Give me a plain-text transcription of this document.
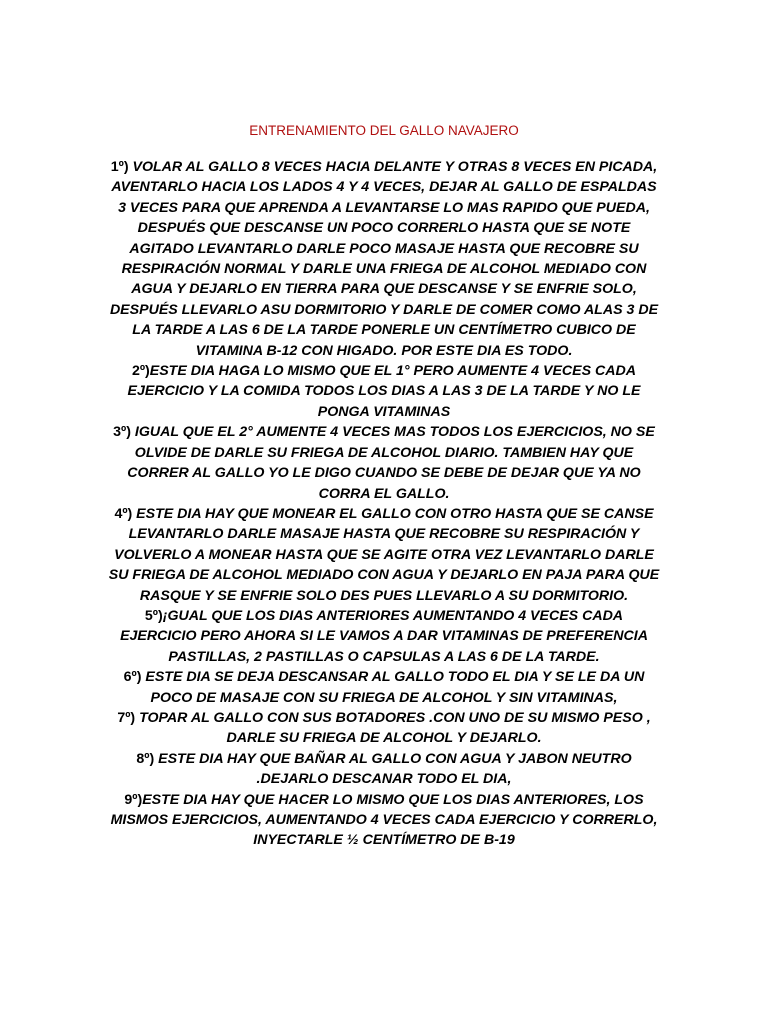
ENTRENAMIENTO DEL GALLO NAVAJERO

1º) VOLAR AL GALLO 8 VECES HACIA DELANTE Y OTRAS 8 VECES EN PICADA, AVENTARLO HACIA LOS LADOS 4 Y 4 VECES, DEJAR AL GALLO DE ESPALDAS 3 VECES PARA QUE APRENDA A LEVANTARSE LO MAS RAPIDO QUE PUEDA, DESPUÉS QUE DESCANSE UN POCO CORRERLO HASTA QUE SE NOTE AGITADO LEVANTARLO DARLE POCO MASAJE HASTA QUE RECOBRE SU RESPIRACIÓN NORMAL Y DARLE UNA FRIEGA DE ALCOHOL MEDIADO CON AGUA Y DEJARLO EN TIERRA PARA QUE DESCANSE Y SE ENFRIE SOLO, DESPUÉS LLEVARLO ASU DORMITORIO Y DARLE DE COMER COMO ALAS 3 DE LA TARDE A LAS 6 DE LA TARDE PONERLE UN CENTÍMETRO CUBICO DE VITAMINA B-12 CON HIGADO. POR ESTE DIA ES TODO.

2º)ESTE DIA HAGA LO MISMO QUE EL 1° PERO AUMENTE 4 VECES CADA EJERCICIO Y LA COMIDA TODOS LOS DIAS A LAS 3 DE LA TARDE Y NO LE PONGA VITAMINAS

3º) IGUAL QUE EL 2° AUMENTE 4 VECES MAS TODOS LOS EJERCICIOS, NO SE OLVIDE DE DARLE SU FRIEGA DE ALCOHOL DIARIO. TAMBIEN HAY QUE CORRER AL GALLO YO LE DIGO CUANDO SE DEBE DE DEJAR QUE YA NO CORRA EL GALLO.

4º) ESTE DIA HAY QUE MONEAR EL GALLO CON OTRO HASTA QUE SE CANSE LEVANTARLO DARLE MASAJE HASTA QUE RECOBRE SU RESPIRACIÓN Y VOLVERLO A MONEAR HASTA QUE SE AGITE OTRA VEZ LEVANTARLO DARLE SU FRIEGA DE ALCOHOL MEDIADO CON AGUA Y DEJARLO EN PAJA PARA QUE RASQUE Y SE ENFRIE SOLO DES PUES LLEVARLO A SU DORMITORIO.

5º)¡GUAL QUE LOS DIAS ANTERIORES AUMENTANDO 4 VECES CADA EJERCICIO PERO AHORA SI LE VAMOS A DAR VITAMINAS DE PREFERENCIA PASTILLAS, 2 PASTILLAS O CAPSULAS A LAS 6 DE LA TARDE.

6º) ESTE DIA SE DEJA DESCANSAR AL GALLO TODO EL DIA Y SE LE DA UN POCO DE MASAJE CON SU FRIEGA DE ALCOHOL Y SIN VITAMINAS,

7º) TOPAR AL GALLO CON SUS BOTADORES .CON UNO DE SU MISMO PESO , DARLE SU FRIEGA DE ALCOHOL Y DEJARLO.

8º) ESTE DIA HAY QUE BAÑAR AL GALLO CON AGUA Y JABON NEUTRO .DEJARLO DESCANAR TODO EL DIA,

9º)ESTE DIA HAY QUE HACER LO MISMO QUE LOS DIAS ANTERIORES, LOS MISMOS EJERCICIOS, AUMENTANDO 4 VECES CADA EJERCICIO Y CORRERLO, INYECTARLE ½ CENTÍMETRO DE B-19
